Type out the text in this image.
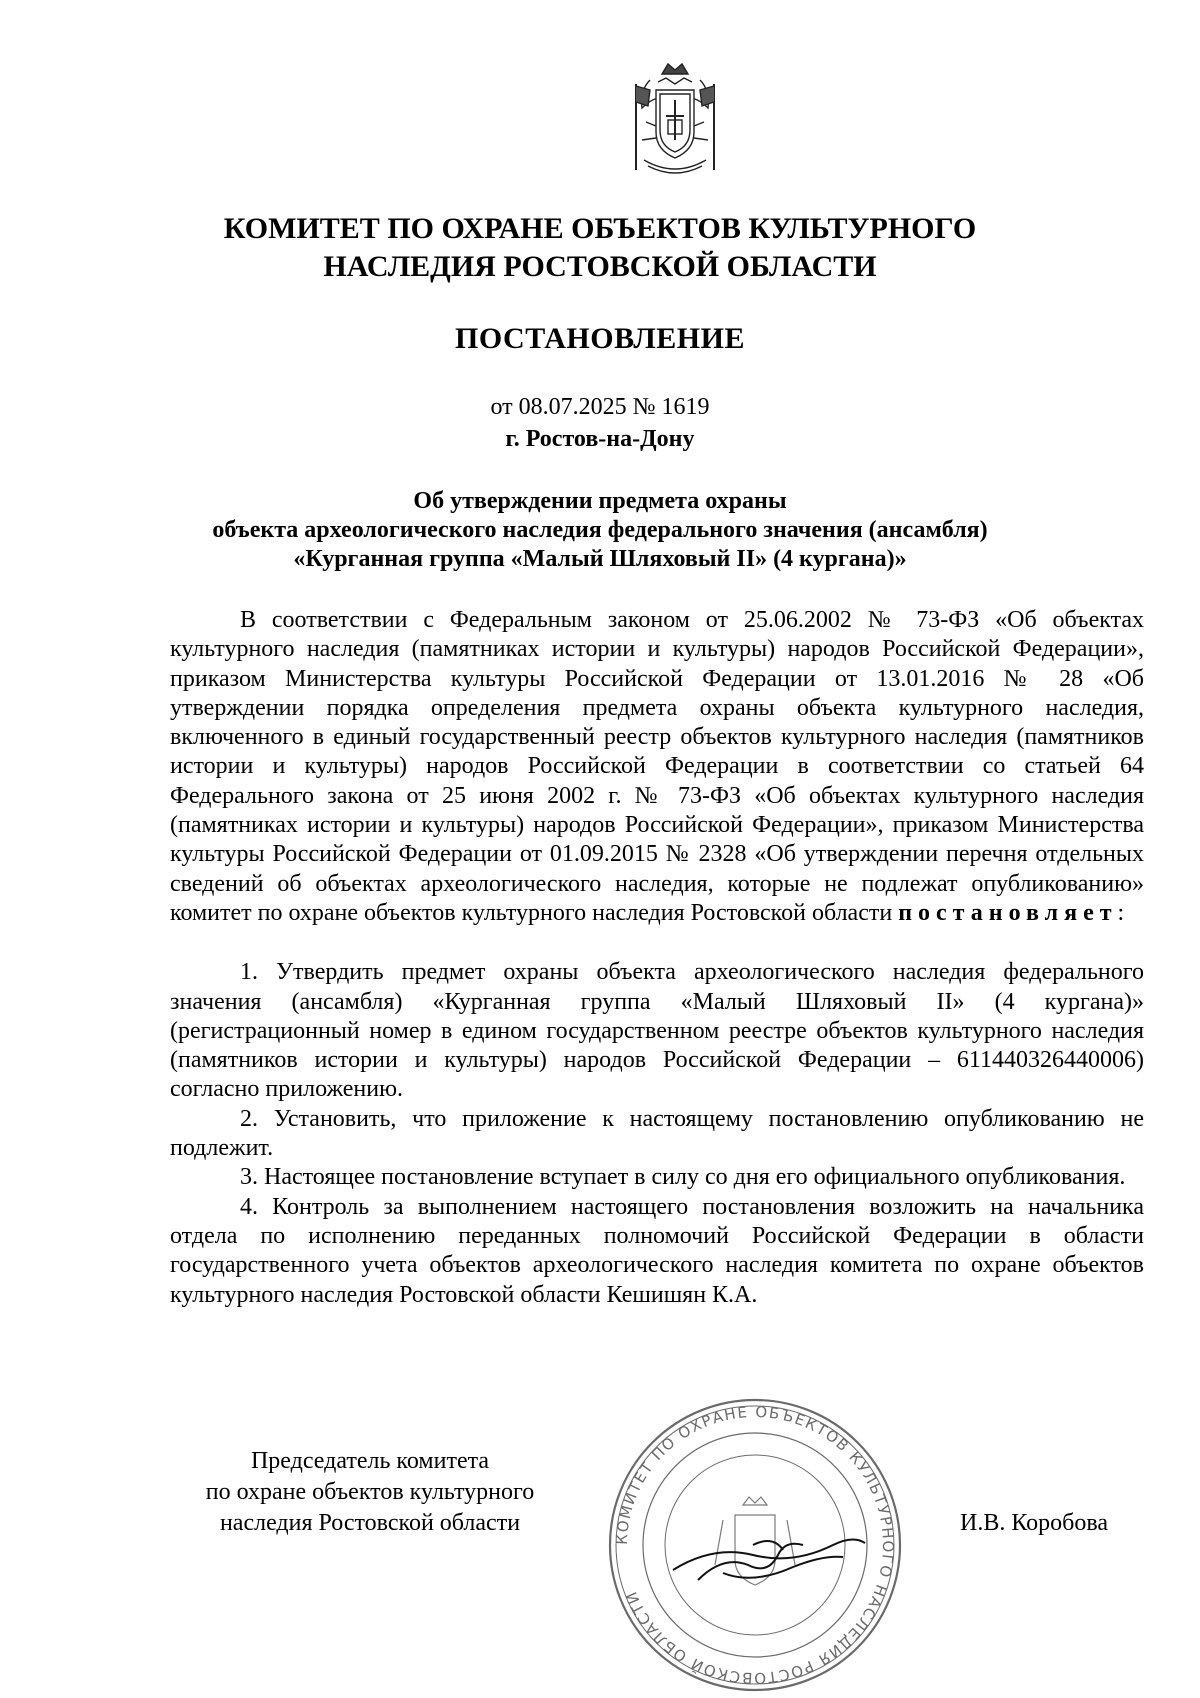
КОМИТЕТ ПО ОХРАНЕ ОБЪЕКТОВ КУЛЬТУРНОГО
НАСЛЕДИЯ РОСТОВСКОЙ ОБЛАСТИ
ПОСТАНОВЛЕНИЕ
от 08.07.2025 № 1619
г. Ростов-на-Дону
Об утверждении предмета охраны
объекта археологического наследия федерального значения (ансамбля)
«Курганная группа «Малый Шляховый II» (4 кургана)»

В соответствии с Федеральным законом от 25.06.2002 № 73-ФЗ «Об объектах культурного наследия (памятниках истории и культуры) народов Российской Федерации», приказом Министерства культуры Российской Федерации от 13.01.2016 № 28 «Об утверждении порядка определения предмета охраны объекта культурного наследия, включенного в единый государственный реестр объектов культурного наследия (памятников истории и культуры) народов Российской Федерации в соответствии со статьей 64 Федерального закона от 25 июня 2002 г. № 73-ФЗ «Об объектах культурного наследия (памятниках истории и культуры) народов Российской Федерации», приказом Министерства культуры Российской Федерации от 01.09.2015 № 2328 «Об утверждении перечня отдельных сведений об объектах археологического наследия, которые не подлежат опубликованию» комитет по охране объектов культурного наследия Ростовской области постановляет:

1. Утвердить предмет охраны объекта археологического наследия федерального значения (ансамбля) «Курганная группа «Малый Шляховый II» (4 кургана)» (регистрационный номер в едином государственном реестре объектов культурного наследия (памятников истории и культуры) народов Российской Федерации – 611440326440006) согласно приложению.

2. Установить, что приложение к настоящему постановлению опубликованию не подлежит.

3. Настоящее постановление вступает в силу со дня его официального опубликования.

4. Контроль за выполнением настоящего постановления возложить на начальника отдела по исполнению переданных полномочий Российской Федерации в области государственного учета объектов археологического наследия комитета по охране объектов культурного наследия Ростовской области Кешишян К.А.

Председатель комитета
по охране объектов культурного
наследия Ростовской области
КОМИТЕТ ПО ОХРАНЕ ОБЪЕКТОВ КУЛЬТУРНОГО НАСЛЕДИЯ РОСТОВСКОЙ ОБЛАСТИ
И.В. Коробова
